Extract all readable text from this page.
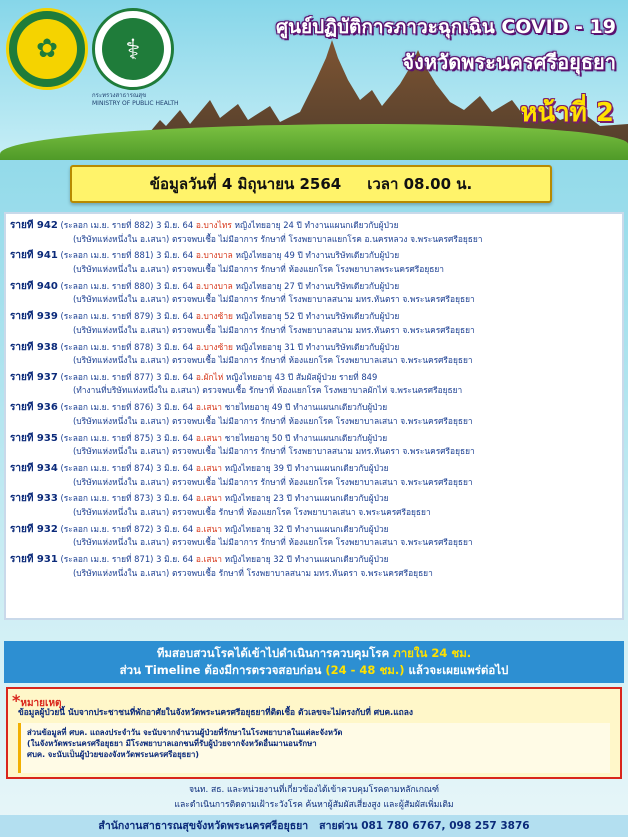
✿ ⚕
กระทรวงสาธารณสุข
MINISTRY OF PUBLIC HEALTH
ศูนย์ปฏิบัติการภาวะฉุกเฉิน COVID - 19
จังหวัดพระนครศรีอยุธยา
หน้าที่ 2
ข้อมูลวันที่ 4 มิถุนายน 2564 เวลา 08.00 น.
รายที่ 942 (ระลอก เม.ย. รายที่ 882) 3 มิ.ย. 64 อ.บางไทร หญิงไทยอายุ 24 ปี ทำงานแผนกเดียวกับผู้ป่วย
(บริษัทแห่งหนึ่งใน อ.เสนา) ตรวจพบเชื้อ ไม่มีอาการ รักษาที่ โรงพยาบาลแยกโรค อ.นครหลวง จ.พระนครศรีอยุธยา
รายที่ 941 (ระลอก เม.ย. รายที่ 881) 3 มิ.ย. 64 อ.บางบาล หญิงไทยอายุ 49 ปี ทำงานบริษัทเดียวกับผู้ป่วย
(บริษัทแห่งหนึ่งใน อ.เสนา) ตรวจพบเชื้อ ไม่มีอาการ รักษาที่ ห้องแยกโรค โรงพยาบาลพระนครศรีอยุธยา
รายที่ 940 (ระลอก เม.ย. รายที่ 880) 3 มิ.ย. 64 อ.บางบาล หญิงไทยอายุ 27 ปี ทำงานบริษัทเดียวกับผู้ป่วย
(บริษัทแห่งหนึ่งใน อ.เสนา) ตรวจพบเชื้อ ไม่มีอาการ รักษาที่ โรงพยาบาลสนาม มทร.หันตรา จ.พระนครศรีอยุธยา
รายที่ 939 (ระลอก เม.ย. รายที่ 879) 3 มิ.ย. 64 อ.บางซ้าย หญิงไทยอายุ 52 ปี ทำงานบริษัทเดียวกับผู้ป่วย
(บริษัทแห่งหนึ่งใน อ.เสนา) ตรวจพบเชื้อ ไม่มีอาการ รักษาที่ โรงพยาบาลสนาม มทร.หันตรา จ.พระนครศรีอยุธยา
รายที่ 938 (ระลอก เม.ย. รายที่ 878) 3 มิ.ย. 64 อ.บางซ้าย หญิงไทยอายุ 31 ปี ทำงานบริษัทเดียวกับผู้ป่วย
(บริษัทแห่งหนึ่งใน อ.เสนา) ตรวจพบเชื้อ ไม่มีอาการ รักษาที่ ห้องแยกโรค โรงพยาบาลเสนา จ.พระนครศรีอยุธยา
รายที่ 937 (ระลอก เม.ย. รายที่ 877) 3 มิ.ย. 64 อ.ผักไห่ หญิงไทยอายุ 43 ปี สัมผัสผู้ป่วย รายที่ 849
(ทำงานที่บริษัทแห่งหนึ่งใน อ.เสนา) ตรวจพบเชื้อ รักษาที่ ห้องแยกโรค โรงพยาบาลผักไห่ จ.พระนครศรีอยุธยา
รายที่ 936 (ระลอก เม.ย. รายที่ 876) 3 มิ.ย. 64 อ.เสนา ชายไทยอายุ 49 ปี ทำงานแผนกเดียวกับผู้ป่วย
(บริษัทแห่งหนึ่งใน อ.เสนา) ตรวจพบเชื้อ ไม่มีอาการ รักษาที่ ห้องแยกโรค โรงพยาบาลเสนา จ.พระนครศรีอยุธยา
รายที่ 935 (ระลอก เม.ย. รายที่ 875) 3 มิ.ย. 64 อ.เสนา ชายไทยอายุ 50 ปี ทำงานแผนกเดียวกับผู้ป่วย
(บริษัทแห่งหนึ่งใน อ.เสนา) ตรวจพบเชื้อ ไม่มีอาการ รักษาที่ โรงพยาบาลสนาม มทร.หันตรา จ.พระนครศรีอยุธยา
รายที่ 934 (ระลอก เม.ย. รายที่ 874) 3 มิ.ย. 64 อ.เสนา หญิงไทยอายุ 39 ปี ทำงานแผนกเดียวกับผู้ป่วย
(บริษัทแห่งหนึ่งใน อ.เสนา) ตรวจพบเชื้อ ไม่มีอาการ รักษาที่ ห้องแยกโรค โรงพยาบาลเสนา จ.พระนครศรีอยุธยา
รายที่ 933 (ระลอก เม.ย. รายที่ 873) 3 มิ.ย. 64 อ.เสนา หญิงไทยอายุ 23 ปี ทำงานแผนกเดียวกับผู้ป่วย
(บริษัทแห่งหนึ่งใน อ.เสนา) ตรวจพบเชื้อ รักษาที่ ห้องแยกโรค โรงพยาบาลเสนา จ.พระนครศรีอยุธยา
รายที่ 932 (ระลอก เม.ย. รายที่ 872) 3 มิ.ย. 64 อ.เสนา หญิงไทยอายุ 32 ปี ทำงานแผนกเดียวกับผู้ป่วย
(บริษัทแห่งหนึ่งใน อ.เสนา) ตรวจพบเชื้อ ไม่มีอาการ รักษาที่ ห้องแยกโรค โรงพยาบาลเสนา จ.พระนครศรีอยุธยา
รายที่ 931 (ระลอก เม.ย. รายที่ 871) 3 มิ.ย. 64 อ.เสนา หญิงไทยอายุ 32 ปี ทำงานแผนกเดียวกับผู้ป่วย
(บริษัทแห่งหนึ่งใน อ.เสนา) ตรวจพบเชื้อ รักษาที่ โรงพยาบาลสนาม มทร.หันตรา จ.พระนครศรีอยุธยา
ทีมสอบสวนโรคได้เข้าไปดำเนินการควบคุมโรค ภายใน 24 ชม.
ส่วน Timeline ต้องมีการตรวจสอบก่อน (24 - 48 ชม.) แล้วจะเผยแพร่ต่อไป
*หมายเหตุ
ข้อมูลผู้ป่วยนี้ นับจากประชาชนที่พักอาศัยในจังหวัดพระนครศรีอยุธยาที่ติดเชื้อ ตัวเลขจะไม่ตรงกับที่ ศบค.แถลง
ส่วนข้อมูลที่ ศบค. แถลงประจำวัน จะนับจากจำนวนผู้ป่วยที่รักษาในโรงพยาบาลในแต่ละจังหวัด
(ในจังหวัดพระนครศรีอยุธยา มีโรงพยาบาลเอกชนที่รับผู้ป่วยจากจังหวัดอื่นมานอนรักษา
ศบค. จะนับเป็นผู้ป่วยของจังหวัดพระนครศรีอยุธยา)
จนท. สธ. และหน่วยงานที่เกี่ยวข้องได้เข้าควบคุมโรคตามหลักเกณฑ์
และดำเนินการติดตามเฝ้าระวังโรค ค้นหาผู้สัมผัสเสี่ยงสูง และผู้สัมผัสเพิ่มเติม
สำนักงานสาธารณสุขจังหวัดพระนครศรีอยุธยา สายด่วน 081 780 6767, 098 257 3876
